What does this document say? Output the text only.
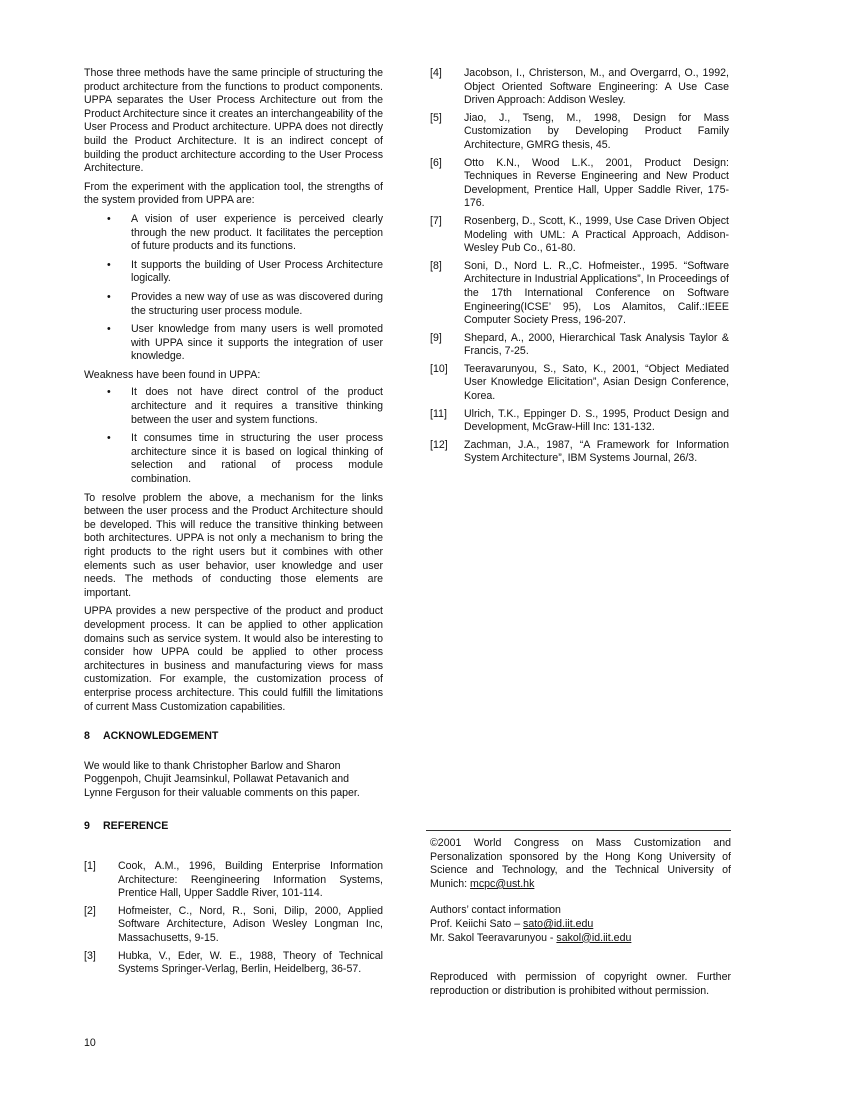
Those three methods have the same principle of structuring the product architecture from the functions to product components. UPPA separates the User Process Architecture out from the Product Architecture since it creates an interchangeability of the User Process and Product architecture. UPPA does not directly build the Product Architecture. It is an indirect concept of building the product architecture according to the User Process Architecture.

From the experiment with the application tool, the strengths of the system provided from UPPA are:

• A vision of user experience is perceived clearly through the new product. It facilitates the perception of future products and its functions.
• It supports the building of User Process Architecture logically.
• Provides a new way of use as was discovered during the structuring user process module.
• User knowledge from many users is well promoted with UPPA since it supports the integration of user knowledge.

Weakness have been found in UPPA:

• It does not have direct control of the product architecture and it requires a transitive thinking between the user and system functions.
• It consumes time in structuring the user process architecture since it is based on logical thinking of selection and rational of process module combination.

To resolve problem the above, a mechanism for the links between the user process and the Product Architecture should be developed. This will reduce the transitive thinking between both architectures. UPPA is not only a mechanism to bring the right products to the right users but it combines with other elements such as user behavior, user knowledge and user needs. The methods of conducting those elements are important.

UPPA provides a new perspective of the product and product development process. It can be applied to other application domains such as service system. It would also be interesting to consider how UPPA could be applied to other process architectures in business and manufacturing views for mass customization. For example, the customization process of enterprise process architecture. This could fulfill the limitations of current Mass Customization capabilities.

8 ACKNOWLEDGEMENT

We would like to thank Christopher Barlow and Sharon Poggenpoh, Chujit Jeamsinkul, Pollawat Petavanich and Lynne Ferguson for their valuable comments on this paper.

9 REFERENCE
[1] Cook, A.M., 1996, Building Enterprise Information Architecture: Reengineering Information Systems, Prentice Hall, Upper Saddle River, 101-114.
[2] Hofmeister, C., Nord, R., Soni, Dilip, 2000, Applied Software Architecture, Adison Wesley Longman Inc, Massachusetts, 9-15.
[3] Hubka, V., Eder, W. E., 1988, Theory of Technical Systems Springer-Verlag, Berlin, Heidelberg, 36-57.
[4] Jacobson, I., Christerson, M., and Overgarrd, O., 1992, Object Oriented Software Engineering: A Use Case Driven Approach: Addison Wesley.
[5] Jiao, J., Tseng, M., 1998, Design for Mass Customization by Developing Product Family Architecture, GMRG thesis, 45.
[6] Otto K.N., Wood L.K., 2001, Product Design: Techniques in Reverse Engineering and New Product Development, Prentice Hall, Upper Saddle River, 175-176.
[7] Rosenberg, D., Scott, K., 1999, Use Case Driven Object Modeling with UML: A Practical Approach, Addison-Wesley Pub Co., 61-80.
[8] Soni, D., Nord L. R.,C. Hofmeister., 1995. “Software Architecture in Industrial Applications”, In Proceedings of the 17th International Conference on Software Engineering(ICSE’ 95), Los Alamitos, Calif.:IEEE Computer Society Press, 196-207.
[9] Shepard, A., 2000, Hierarchical Task Analysis Taylor & Francis, 7-25.
[10] Teeravarunyou, S., Sato, K., 2001, “Object Mediated User Knowledge Elicitation”, Asian Design Conference, Korea.
[11] Ulrich, T.K., Eppinger D. S., 1995, Product Design and Development, McGraw-Hill Inc: 131-132.
[12] Zachman, J.A., 1987, “A Framework for Information System Architecture”, IBM Systems Journal, 26/3.

©2001 World Congress on Mass Customization and Personalization sponsored by the Hong Kong University of Science and Technology, and the Technical University of Munich: mcpc@ust.hk

Authors’ contact information

Prof. Keiichi Sato – sato@id.iit.edu

Mr. Sakol Teeravarunyou - sakol@id.iit.edu

Reproduced with permission of copyright owner. Further reproduction or distribution is prohibited without permission.

10
